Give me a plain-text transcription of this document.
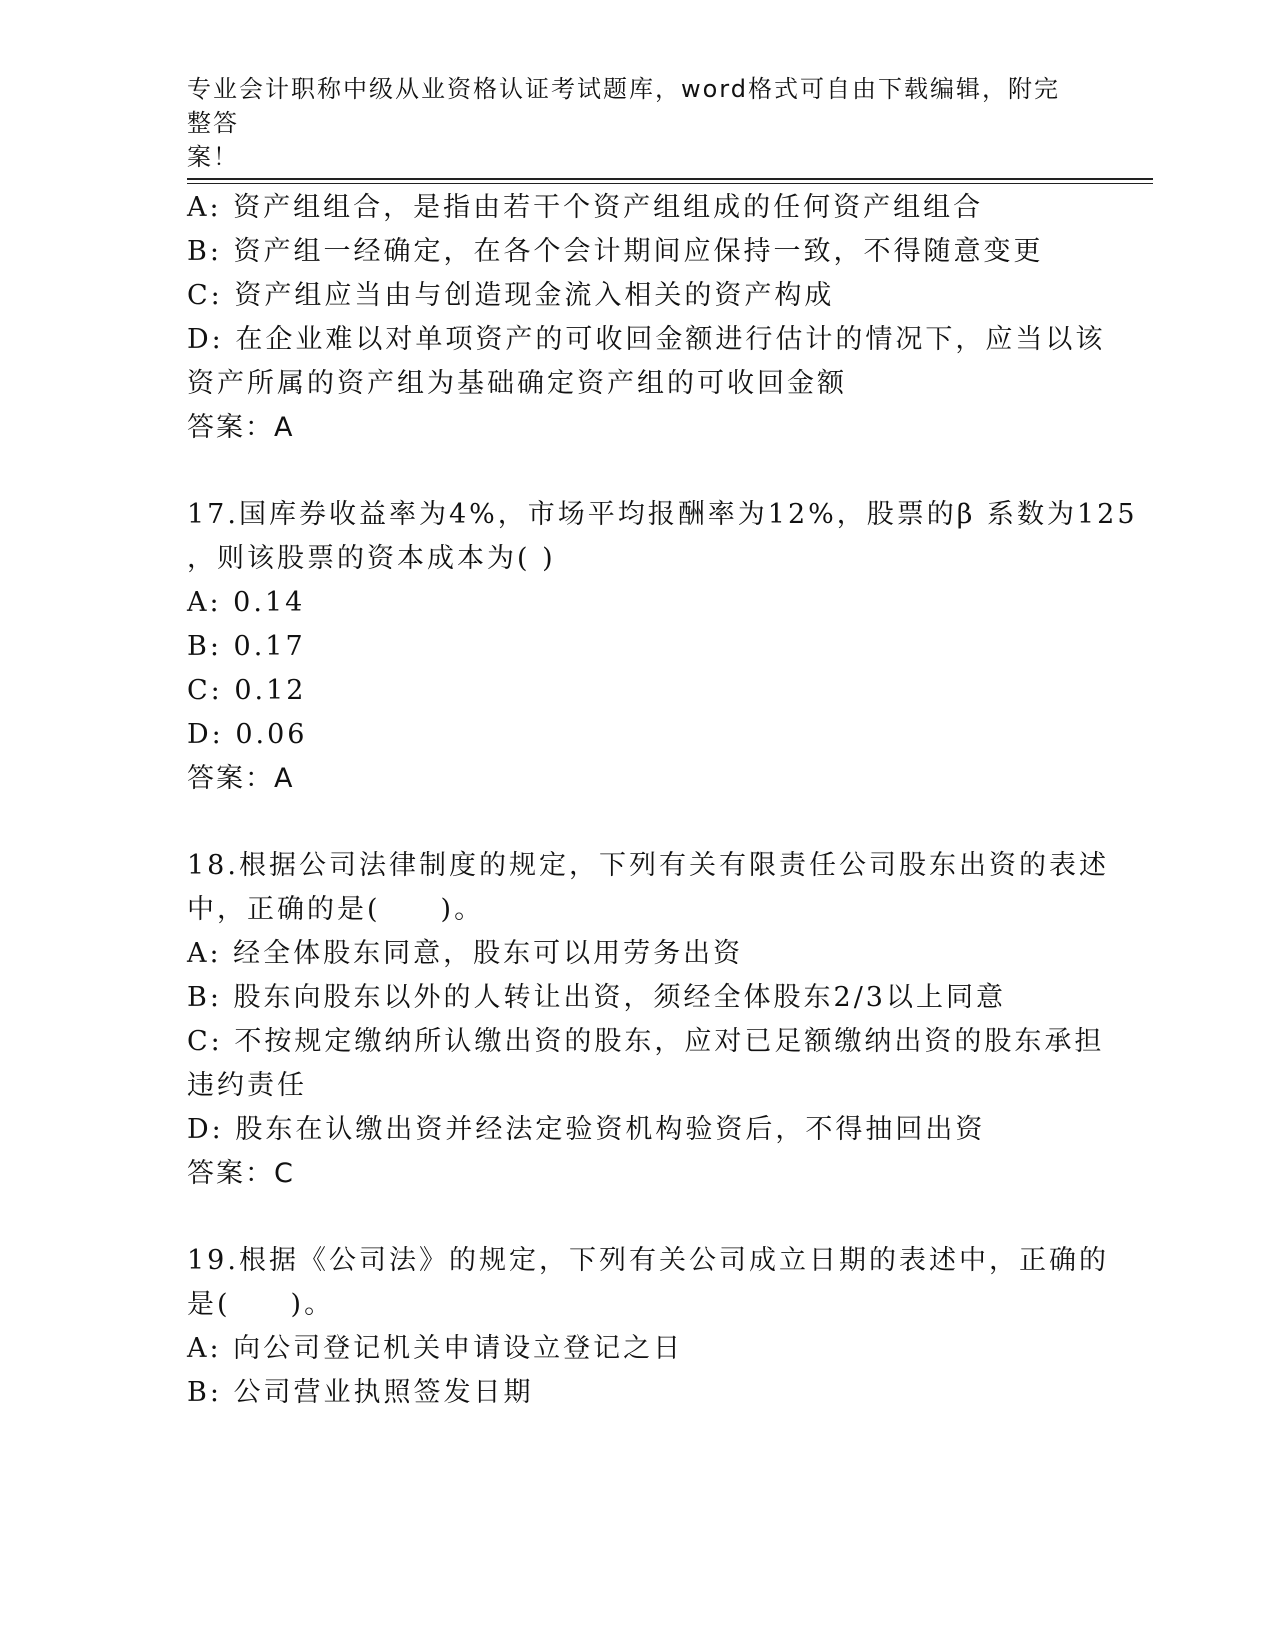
专业会计职称中级从业资格认证考试题库，word格式可自由下载编辑，附完整答
案！
A: 资产组组合，是指由若干个资产组组成的任何资产组组合
B: 资产组一经确定，在各个会计期间应保持一致，不得随意变更
C: 资产组应当由与创造现金流入相关的资产构成
D: 在企业难以对单项资产的可收回金额进行估计的情况下，应当以该
资产所属的资产组为基础确定资产组的可收回金额
答案：A
17.国库券收益率为4%，市场平均报酬率为12%，股票的β 系数为125
，则该股票的资本成本为( )
A: 0.14
B: 0.17
C: 0.12
D: 0.06
答案：A
18.根据公司法律制度的规定，下列有关有限责任公司股东出资的表述
中，正确的是(　　)。
A: 经全体股东同意，股东可以用劳务出资
B: 股东向股东以外的人转让出资，须经全体股东2/3以上同意
C: 不按规定缴纳所认缴出资的股东，应对已足额缴纳出资的股东承担
违约责任
D: 股东在认缴出资并经法定验资机构验资后，不得抽回出资
答案：C
19.根据《公司法》的规定，下列有关公司成立日期的表述中，正确的
是(　　)。
A: 向公司登记机关申请设立登记之日
B: 公司营业执照签发日期
